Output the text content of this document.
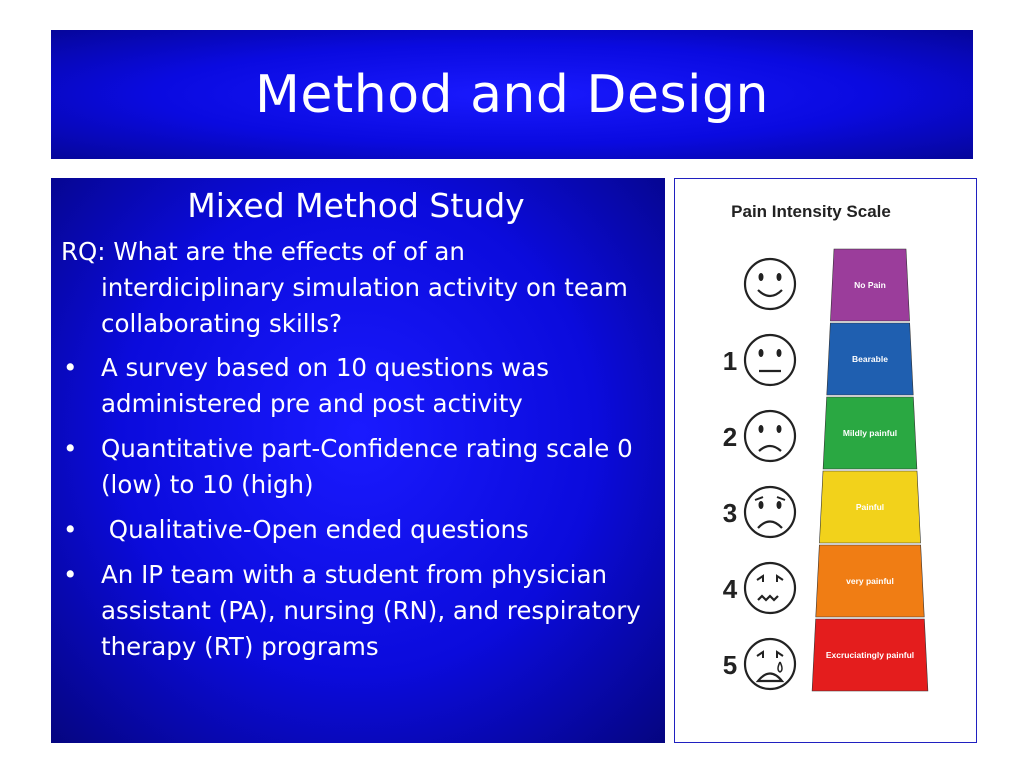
Method and Design
Mixed Method Study

RQ: What are the effects of of an interdiciplinary simulation activity on team collaborating skills?

• A survey based on 10 questions was administered pre and post activity
• Quantitative part-Confidence rating scale 0 (low) to 10 (high)
• Qualitative-Open ended questions
• An IP team with a student from physician assistant (PA), nursing (RN), and respiratory therapy (RT) programs
Pain Intensity Scale
No Pain
Bearable
Mildly painful
Painful
very painful
Excruciatingly painful
1
2
3
4
5
